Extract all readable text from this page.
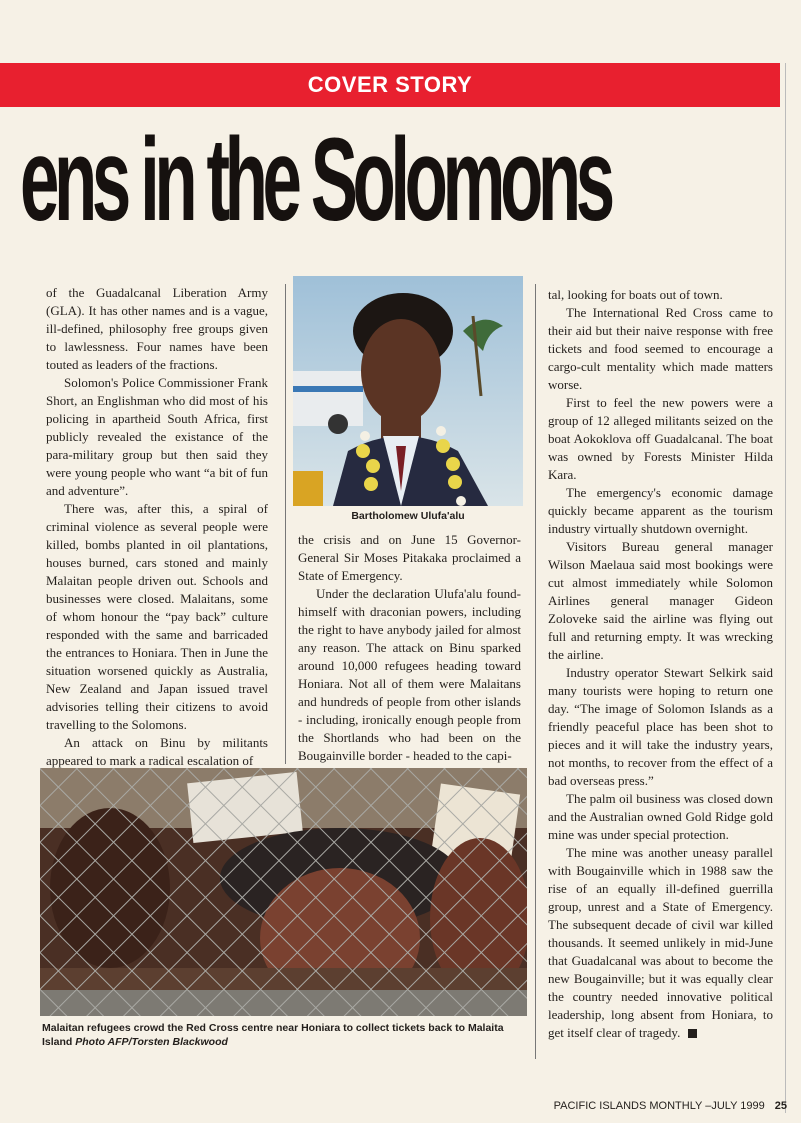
COVER STORY
ens in the Solomons

of the Guadalcanal Liberation Army (GLA). It has other names and is a vague, ill-defined, philosophy free groups given to lawlessness. Four names have been touted as leaders of the fractions.

Solomon's Police Commissioner Frank Short, an Englishman who did most of his policing in apartheid South Africa, first publicly revealed the existance of the para-military group but then said they were young people who want “a bit of fun and adventure”.

There was, after this, a spiral of criminal violence as several people were killed, bombs planted in oil plantations, houses burned, cars stoned and mainly Malaitan people driven out. Schools and businesses were closed. Malaitans, some of whom honour the “pay back” culture responded with the same and barricaded the entrances to Honiara. Then in June the situation worsened quickly as Australia, New Zealand and Japan issued travel advisories telling their citizens to avoid travelling to the Solomons.

An attack on Binu by militants appeared to mark a radical escalation of

Bartholomew Ulufa'alu

the crisis and on June 15 Governor-General Sir Moses Pitakaka proclaimed a State of Emergency.

Under the declaration Ulufa'alu found-himself with draconian powers, including the right to have anybody jailed for almost any reason. The attack on Binu sparked around 10,000 refugees heading toward Honiara. Not all of them were Malaitans and hundreds of people from other islands - including, ironically enough people from the Shortlands who had been on the Bougainville border - headed to the capi-

tal, looking for boats out of town.

The International Red Cross came to their aid but their naive response with free tickets and food seemed to encourage a cargo-cult mentality which made matters worse.

First to feel the new powers were a group of 12 alleged militants seized on the boat Aokoklova off Guadalcanal. The boat was owned by Forests Minister Hilda Kara.

The emergency's economic damage quickly became apparent as the tourism industry virtually shutdown overnight.

Visitors Bureau general manager Wilson Maelaua said most bookings were cut almost immediately while Solomon Airlines general manager Gideon Zoloveke said the airline was flying out full and returning empty. It was wrecking the airline.

Industry operator Stewart Selkirk said many tourists were hoping to return one day. “The image of Solomon Islands as a friendly peaceful place has been shot to pieces and it will take the industry years, not months, to recover from the effect of a bad overseas press.”

The palm oil business was closed down and the Australian owned Gold Ridge gold mine was under special protection.

The mine was another uneasy parallel with Bougainville which in 1988 saw the rise of an equally ill-defined guerrilla group, unrest and a State of Emergency. The subsequent decade of civil war killed thousands. It seemed unlikely in mid-June that Guadalcanal was about to become the new Bougainville; but it was equally clear the country needed innovative political leadership, long absent from Honiara, to get itself clear of tragedy.

Malaitan refugees crowd the Red Cross centre near Honiara to collect tickets back to Malaita Island Photo AFP/Torsten Blackwood
PACIFIC ISLANDS MONTHLY –JULY 1999 25
